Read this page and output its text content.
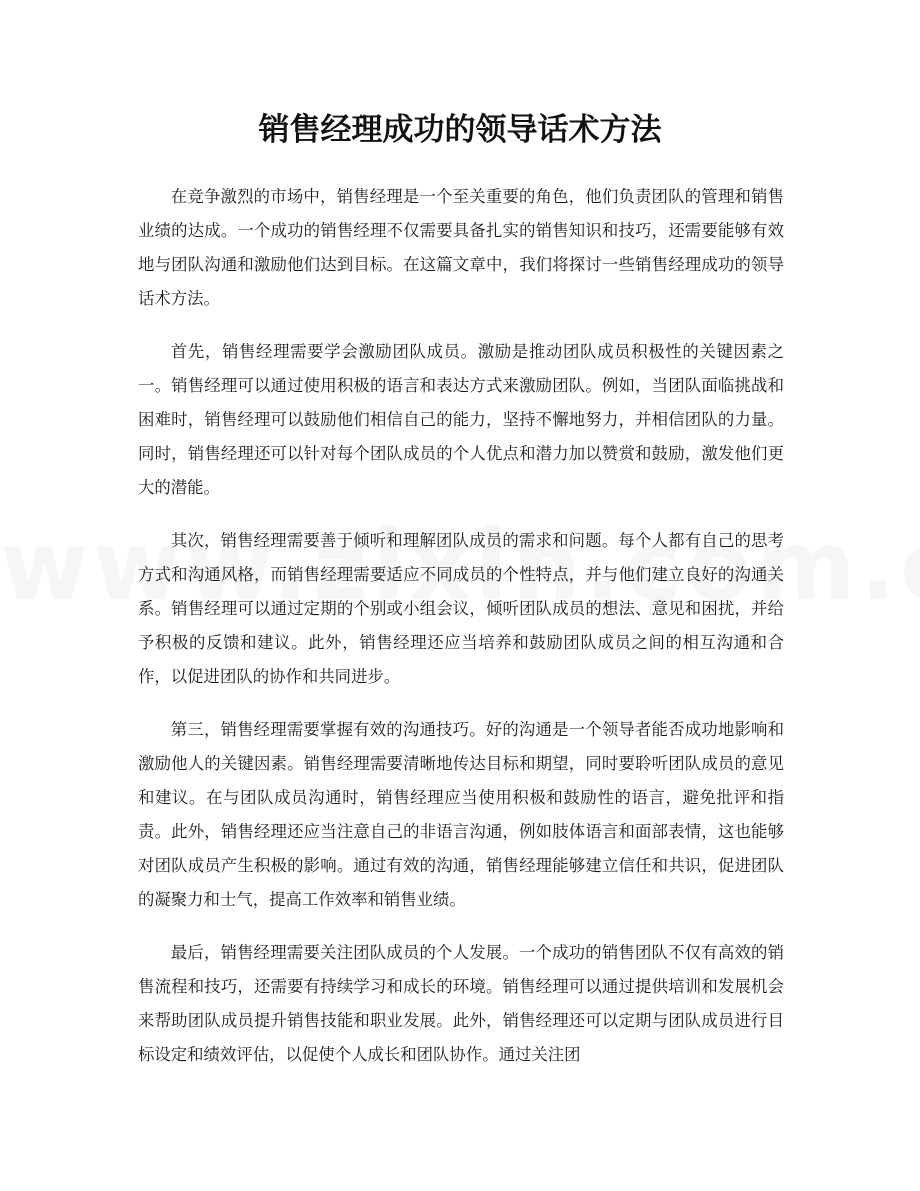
销售经理成功的领导话术方法

在竞争激烈的市场中，销售经理是一个至关重要的角色，他们负责团队的管理和销售业绩的达成。一个成功的销售经理不仅需要具备扎实的销售知识和技巧，还需要能够有效地与团队沟通和激励他们达到目标。在这篇文章中，我们将探讨一些销售经理成功的领导话术方法。

首先，销售经理需要学会激励团队成员。激励是推动团队成员积极性的关键因素之一。销售经理可以通过使用积极的语言和表达方式来激励团队。例如，当团队面临挑战和困难时，销售经理可以鼓励他们相信自己的能力，坚持不懈地努力，并相信团队的力量。同时，销售经理还可以针对每个团队成员的个人优点和潜力加以赞赏和鼓励，激发他们更大的潜能。

其次，销售经理需要善于倾听和理解团队成员的需求和问题。每个人都有自己的思考方式和沟通风格，而销售经理需要适应不同成员的个性特点，并与他们建立良好的沟通关系。销售经理可以通过定期的个别或小组会议，倾听团队成员的想法、意见和困扰，并给予积极的反馈和建议。此外，销售经理还应当培养和鼓励团队成员之间的相互沟通和合作，以促进团队的协作和共同进步。

第三，销售经理需要掌握有效的沟通技巧。好的沟通是一个领导者能否成功地影响和激励他人的关键因素。销售经理需要清晰地传达目标和期望，同时要聆听团队成员的意见和建议。在与团队成员沟通时，销售经理应当使用积极和鼓励性的语言，避免批评和指责。此外，销售经理还应当注意自己的非语言沟通，例如肢体语言和面部表情，这也能够对团队成员产生积极的影响。通过有效的沟通，销售经理能够建立信任和共识，促进团队的凝聚力和士气，提高工作效率和销售业绩。

最后，销售经理需要关注团队成员的个人发展。一个成功的销售团队不仅有高效的销售流程和技巧，还需要有持续学习和成长的环境。销售经理可以通过提供培训和发展机会来帮助团队成员提升销售技能和职业发展。此外，销售经理还可以定期与团队成员进行目标设定和绩效评估，以促使个人成长和团队协作。通过关注团
